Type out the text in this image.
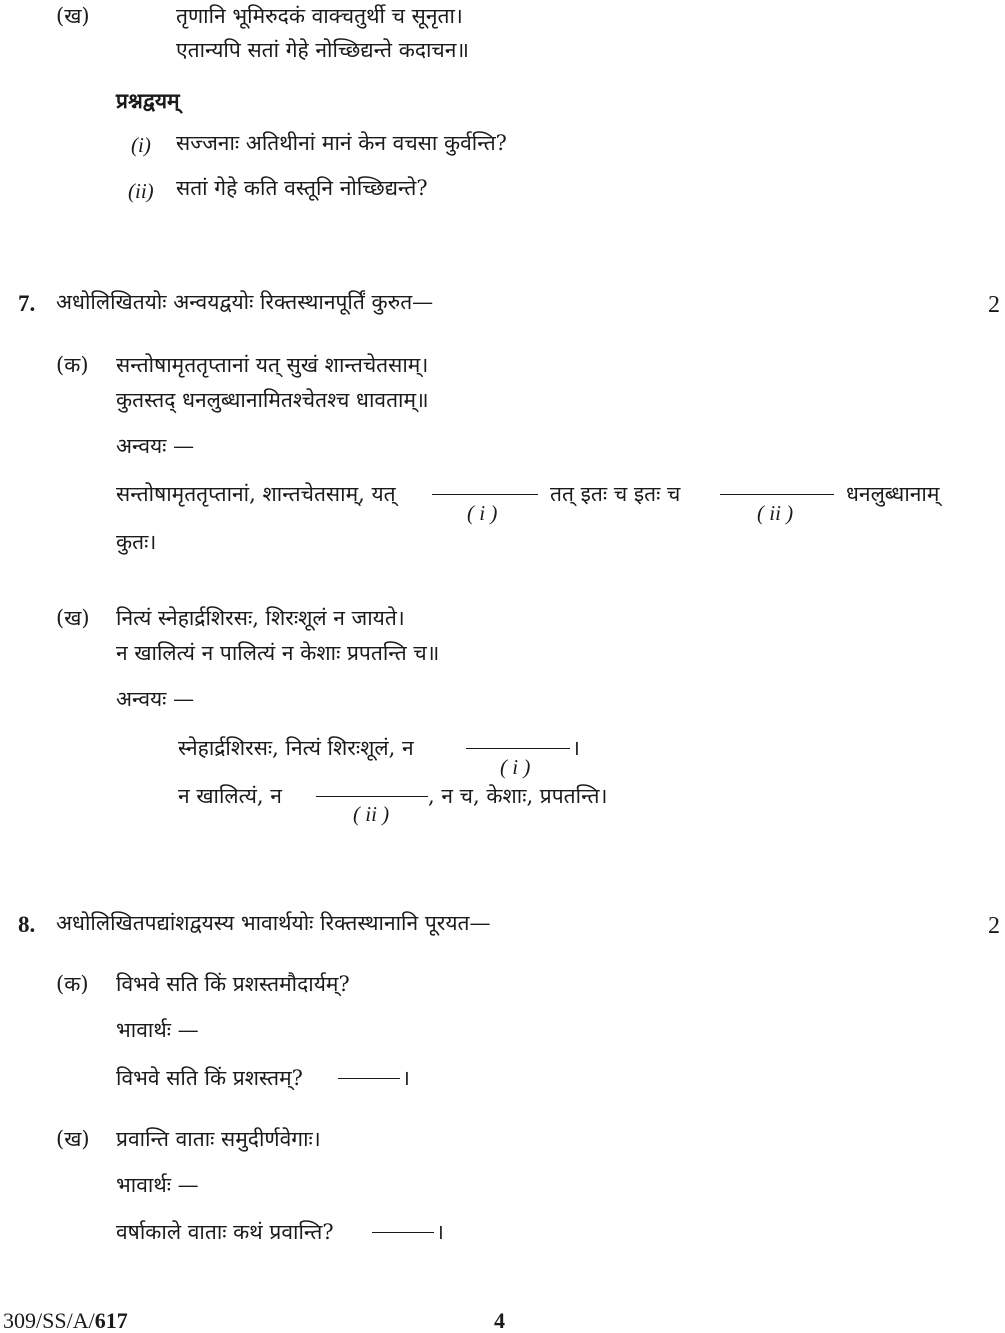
(ख)	तृणानि भूमिरुदकं वाक्चतुर्थी च सूनृता।
एतान्यपि सतां गेहे नोच्छिद्यन्ते कदाचन॥
प्रश्नद्वयम्
(i) सज्जनाः अतिथीनां मानं केन वचसा कुर्वन्ति?
(ii) सतां गेहे कति वस्तूनि नोच्छिद्यन्ते?
7. अधोलिखितयोः अन्वयद्वयोः रिक्तस्थानपूर्तिं कुरुत—	2
(क) सन्तोषामृततृप्तानां यत् सुखं शान्तचेतसाम्।
कुतस्तद् धनलुब्धानामितश्चेतश्च धावताम्॥
अन्वयः —
सन्तोषामृततृप्तानां, शान्तचेतसाम्, यत्
( i )
तत् इतः च इतः च
( ii )
धनलुब्धानाम्
कुतः।
(ख) नित्यं स्नेहार्द्रशिरसः, शिरःशूलं न जायते।
न खालित्यं न पालित्यं न केशाः प्रपतन्ति च॥
अन्वयः —
स्नेहार्द्रशिरसः, नित्यं शिरःशूलं, न	।
( i )
न खालित्यं, न	, न च, केशाः, प्रपतन्ति।
( ii )
8. अधोलिखितपद्यांशद्वयस्य भावार्थयोः रिक्तस्थानानि पूरयत—	2
(क) विभवे सति किं प्रशस्तमौदार्यम्?
भावार्थः —
विभवे सति किं प्रशस्तम्?	।
(ख) प्रवान्ति वाताः समुदीर्णवेगाः।
भावार्थः —
वर्षाकाले वाताः कथं प्रवान्ति?	।
309/SS/A/617	4
